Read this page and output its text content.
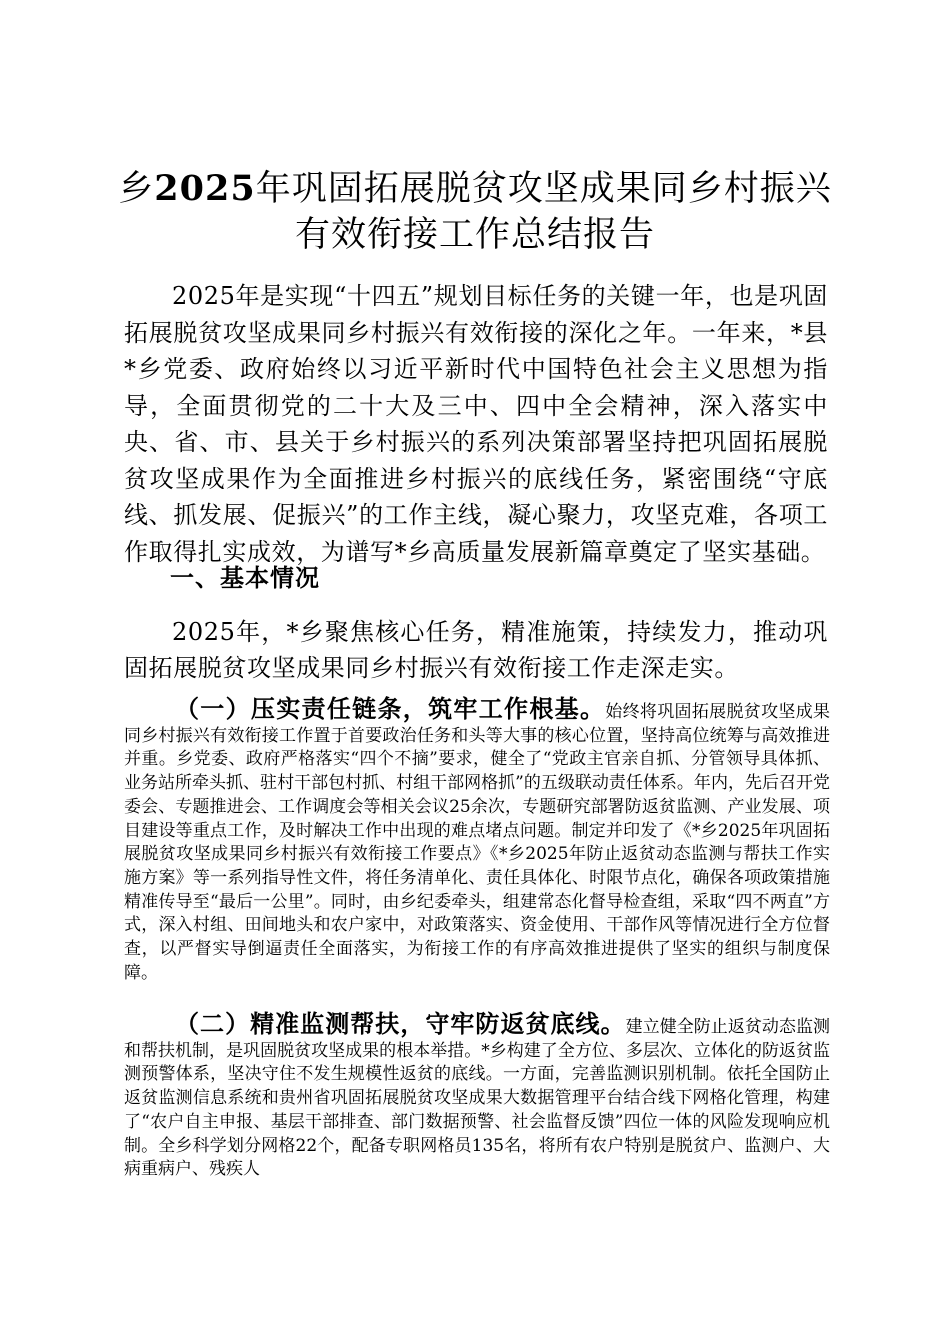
乡2025年巩固拓展脱贫攻坚成果同乡村振兴
有效衔接工作总结报告

2025年是实现“十四五”规划目标任务的关键一年，也是巩固拓展脱贫攻坚成果同乡村振兴有效衔接的深化之年。一年来，*县*乡党委、政府始终以习近平新时代中国特色社会主义思想为指导，全面贯彻党的二十大及三中、四中全会精神，深入落实中央、省、市、县关于乡村振兴的系列决策部署坚持把巩固拓展脱贫攻坚成果作为全面推进乡村振兴的底线任务，紧密围绕“守底线、抓发展、促振兴”的工作主线，凝心聚力，攻坚克难，各项工作取得扎实成效，为谱写*乡高质量发展新篇章奠定了坚实基础。

一、基本情况

2025年，*乡聚焦核心任务，精准施策，持续发力，推动巩固拓展脱贫攻坚成果同乡村振兴有效衔接工作走深走实。

（一）压实责任链条，筑牢工作根基。始终将巩固拓展脱贫攻坚成果同乡村振兴有效衔接工作置于首要政治任务和头等大事的核心位置，坚持高位统筹与高效推进并重。乡党委、政府严格落实“四个不摘”要求，健全了“党政主官亲自抓、分管领导具体抓、业务站所牵头抓、驻村干部包村抓、村组干部网格抓”的五级联动责任体系。年内，先后召开党委会、专题推进会、工作调度会等相关会议25余次，专题研究部署防返贫监测、产业发展、项目建设等重点工作，及时解决工作中出现的难点堵点问题。制定并印发了《*乡2025年巩固拓展脱贫攻坚成果同乡村振兴有效衔接工作要点》《*乡2025年防止返贫动态监测与帮扶工作实施方案》等一系列指导性文件，将任务清单化、责任具体化、时限节点化，确保各项政策措施精准传导至“最后一公里”。同时，由乡纪委牵头，组建常态化督导检查组，采取“四不两直”方式，深入村组、田间地头和农户家中，对政策落实、资金使用、干部作风等情况进行全方位督查，以严督实导倒逼责任全面落实，为衔接工作的有序高效推进提供了坚实的组织与制度保障。

（二）精准监测帮扶，守牢防返贫底线。建立健全防止返贫动态监测和帮扶机制，是巩固脱贫攻坚成果的根本举措。*乡构建了全方位、多层次、立体化的防返贫监测预警体系，坚决守住不发生规模性返贫的底线。一方面，完善监测识别机制。依托全国防止返贫监测信息系统和贵州省巩固拓展脱贫攻坚成果大数据管理平台结合线下网格化管理，构建了“农户自主申报、基层干部排查、部门数据预警、社会监督反馈”四位一体的风险发现响应机制。全乡科学划分网格22个，配备专职网格员135名，将所有农户特别是脱贫户、监测户、大病重病户、残疾人
